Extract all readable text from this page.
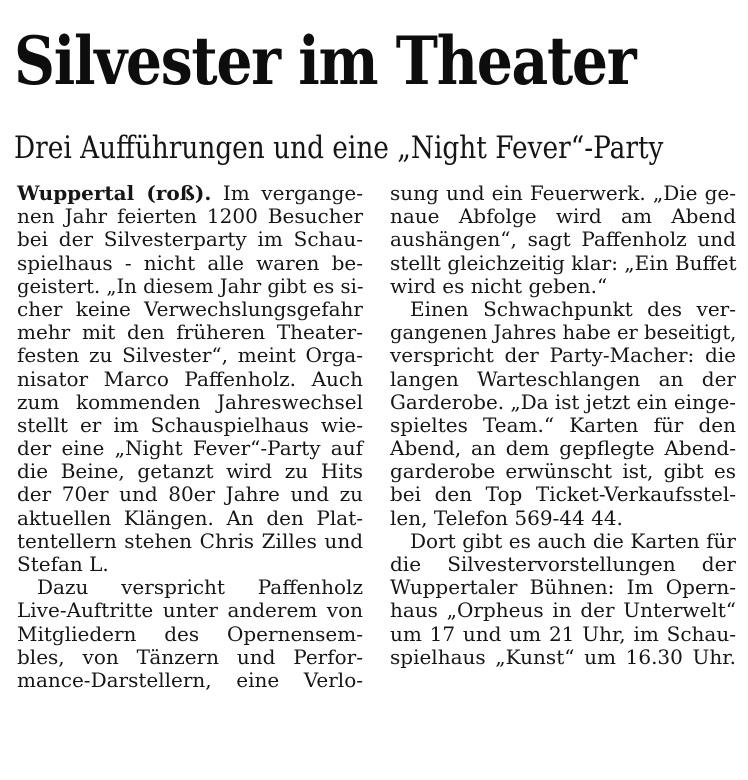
Silvester im Theater
Drei Aufführungen und eine „Night Fever“-Party
Wuppertal (roß). Im vergange-
nen Jahr feierten 1200 Besucher
bei der Silvesterparty im Schau-
spielhaus - nicht alle waren be-
geistert. „In diesem Jahr gibt es si-
cher keine Verwechslungsgefahr
mehr mit den früheren Theater-
festen zu Silvester“, meint Orga-
nisator Marco Paffenholz. Auch
zum kommenden Jahreswechsel
stellt er im Schauspielhaus wie-
der eine „Night Fever“-Party auf
die Beine, getanzt wird zu Hits
der 70er und 80er Jahre und zu
aktuellen Klängen. An den Plat-
tentellern stehen Chris Zilles und
Stefan L.
Dazu verspricht Paffenholz
Live-Auftritte unter anderem von
Mitgliedern des Opernensem-
bles, von Tänzern und Perfor-
mance-Darstellern, eine Verlo-
sung und ein Feuerwerk. „Die ge-
naue Abfolge wird am Abend
aushängen“, sagt Paffenholz und
stellt gleichzeitig klar: „Ein Buffet
wird es nicht geben.“
Einen Schwachpunkt des ver-
gangenen Jahres habe er beseitigt,
verspricht der Party-Macher: die
langen Warteschlangen an der
Garderobe. „Da ist jetzt ein einge-
spieltes Team.“ Karten für den
Abend, an dem gepflegte Abend-
garderobe erwünscht ist, gibt es
bei den Top Ticket-Verkaufsstel-
len, Telefon 569-44 44.
Dort gibt es auch die Karten für
die Silvestervorstellungen der
Wuppertaler Bühnen: Im Opern-
haus „Orpheus in der Unterwelt“
um 17 und um 21 Uhr, im Schau-
spielhaus „Kunst“ um 16.30 Uhr.
